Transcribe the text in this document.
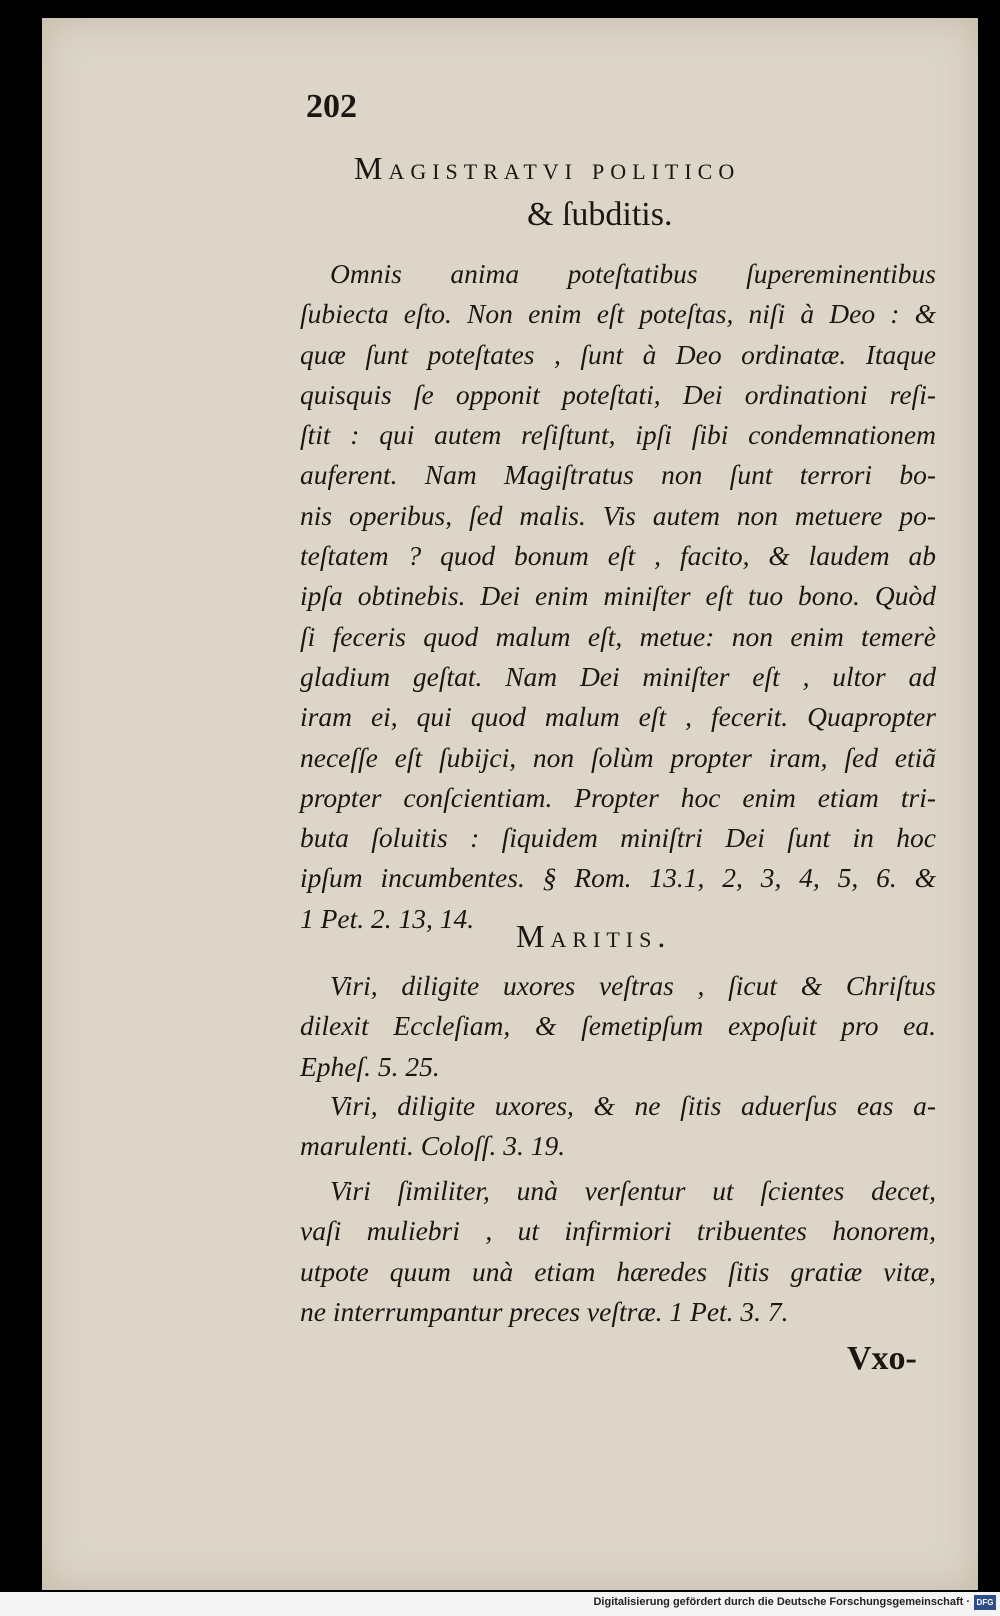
202
Magistratvi politico
& ſubditis.
Omnis anima poteſtatibus ſupereminentibus
ſubiecta eſto. Non enim eſt poteſtas, niſi à Deo : &
quæ ſunt poteſtates , ſunt à Deo ordinatæ. Itaque
quisquis ſe opponit poteſtati, Dei ordinationi reſi-
ſtit : qui autem reſiſtunt, ipſi ſibi condemnationem
auferent. Nam Magiſtratus non ſunt terrori bo-
nis operibus, ſed malis. Vis autem non metuere po-
teſtatem ? quod bonum eſt , facito, & laudem ab
ipſa obtinebis. Dei enim miniſter eſt tuo bono. Quòd
ſi feceris quod malum eſt, metue: non enim temerè
gladium geſtat. Nam Dei miniſter eſt , ultor ad
iram ei, qui quod malum eſt , fecerit. Quapropter
neceſſe eſt ſubijci, non ſolùm propter iram, ſed etiã
propter conſcientiam. Propter hoc enim etiam tri-
buta ſoluitis : ſiquidem miniſtri Dei ſunt in hoc
ipſum incumbentes. § Rom. 13.1, 2, 3, 4, 5, 6. &
1 Pet. 2. 13, 14.	Maritis.
Viri, diligite uxores veſtras , ſicut & Chriſtus
dilexit Eccleſiam, & ſemetipſum expoſuit pro ea.
Epheſ. 5. 25.
Viri, diligite uxores, & ne ſitis aduerſus eas a-
marulenti. Coloſſ. 3. 19.
Viri ſimiliter, unà verſentur ut ſcientes decet,
vaſi muliebri , ut infirmiori tribuentes honorem,
utpote quum unà etiam hæredes ſitis gratiæ vitæ,
ne interrumpantur preces veſtræ. 1 Pet. 3. 7.
Vxo-
Digitalisierung gefördert durch die Deutsche Forschungsgemeinschaft · DFG
